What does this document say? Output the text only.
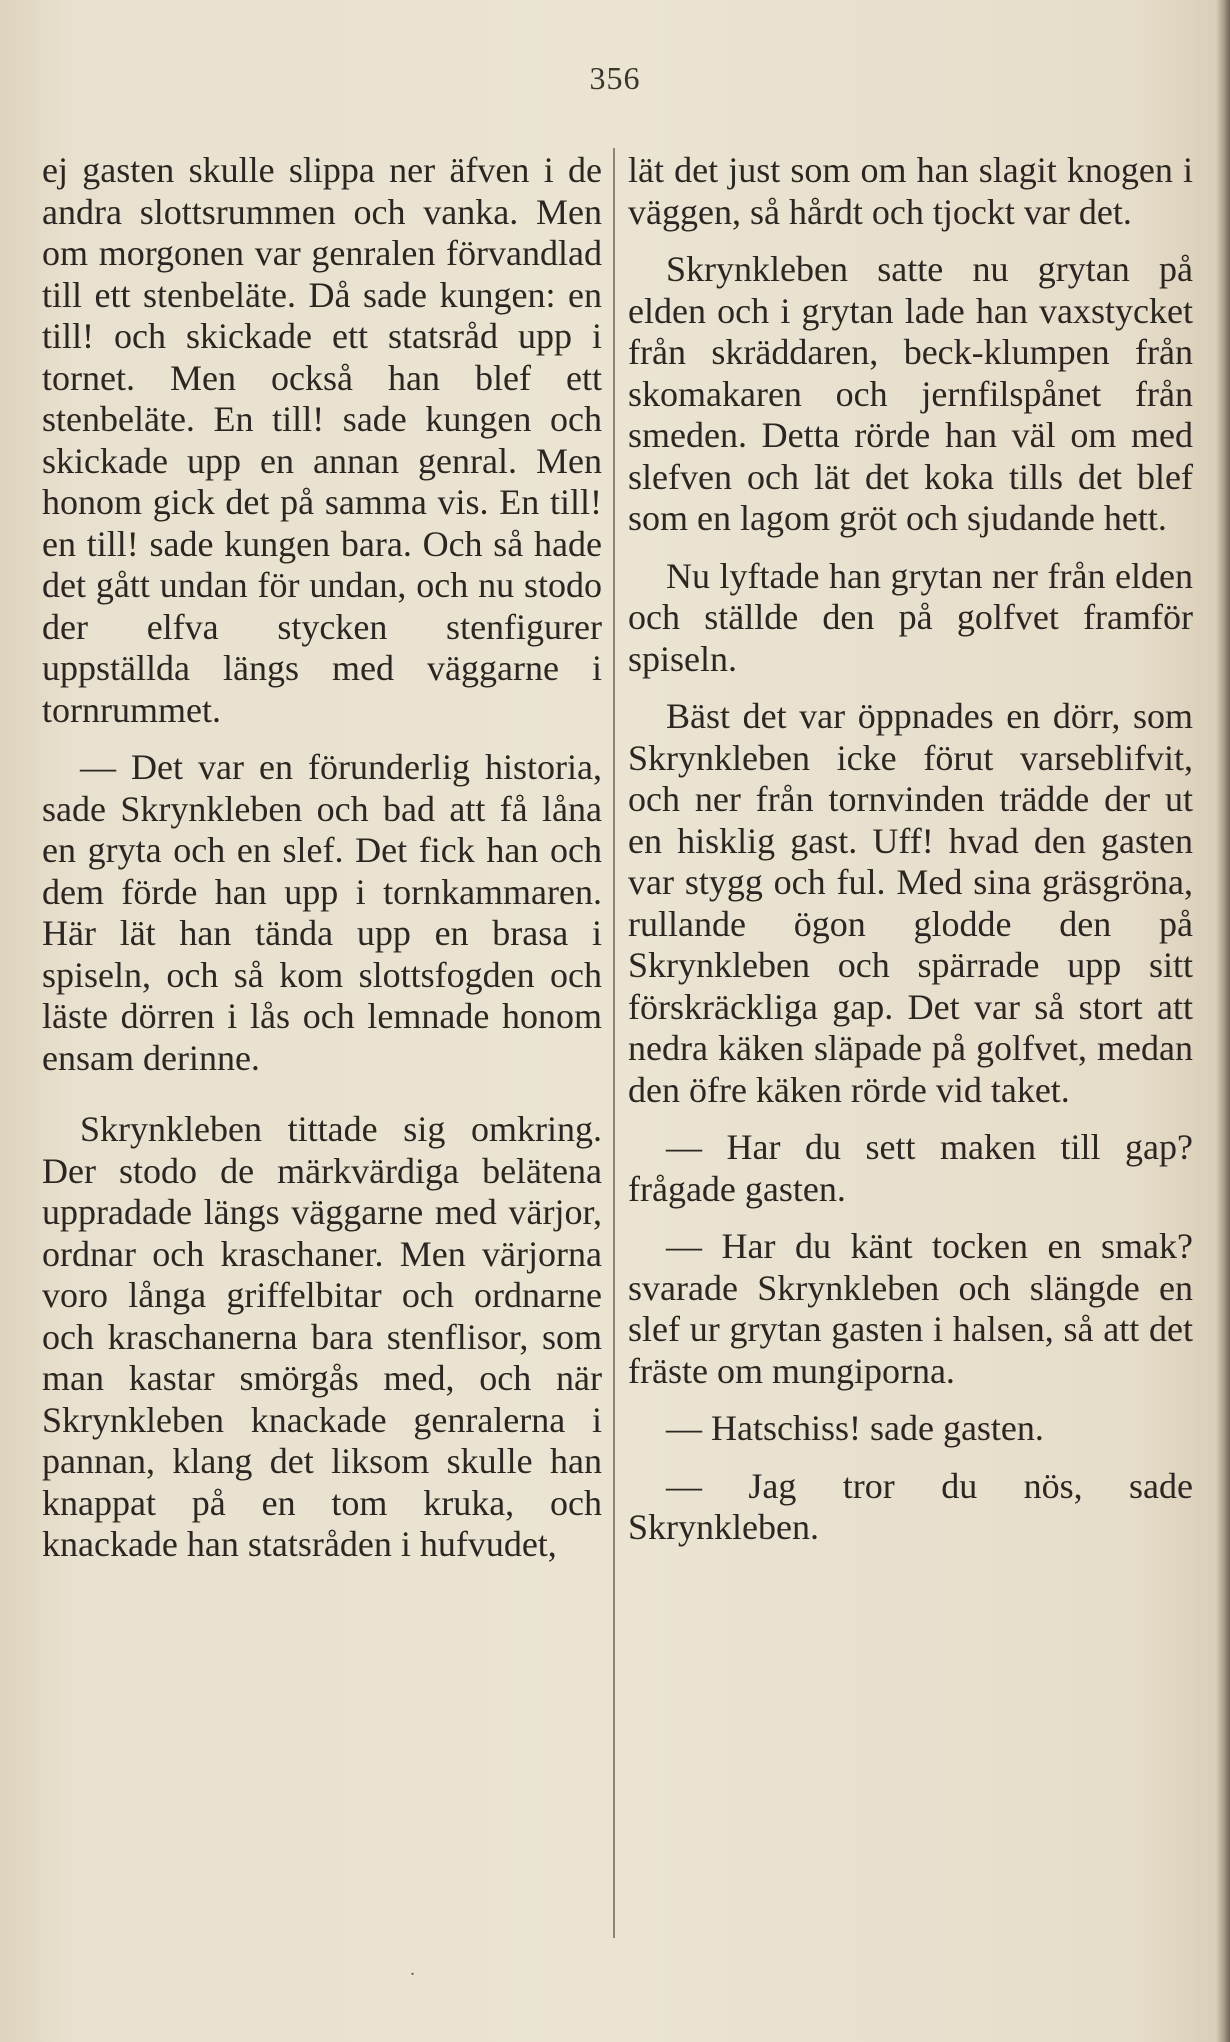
356

ej gasten skulle slippa ner äfven i de andra slottsrummen och vanka. Men om morgonen var genralen förvandlad till ett stenbeläte. Då sade kungen: en till! och skickade ett statsråd upp i tornet. Men också han blef ett stenbeläte. En till! sade kungen och skickade upp en annan genral. Men honom gick det på samma vis. En till! en till! sade kungen bara. Och så hade det gått undan för undan, och nu stodo der elfva stycken stenfigurer uppställda längs med väggarne i tornrummet.

— Det var en förunderlig historia, sade Skrynkleben och bad att få låna en gryta och en slef. Det fick han och dem förde han upp i tornkammaren. Här lät han tända upp en brasa i spiseln, och så kom slottsfogden och läste dörren i lås och lemnade honom ensam derinne.

Skrynkleben tittade sig omkring. Der stodo de märkvärdiga belätena uppradade längs väggarne med värjor, ordnar och kraschaner. Men värjorna voro långa griffelbitar och ordnarne och kraschanerna bara stenflisor, som man kastar smörgås med, och när Skrynkleben knackade genralerna i pannan, klang det liksom skulle han knappat på en tom kruka, och knackade han statsråden i hufvudet,

lät det just som om han slagit knogen i väggen, så hårdt och tjockt var det.

Skrynkleben satte nu grytan på elden och i grytan lade han vaxstycket från skräddaren, beck-klumpen från skomakaren och jernfilspånet från smeden. Detta rörde han väl om med slefven och lät det koka tills det blef som en lagom gröt och sjudande hett.

Nu lyftade han grytan ner från elden och ställde den på golfvet framför spiseln.

Bäst det var öppnades en dörr, som Skrynkleben icke förut varseblifvit, och ner från tornvinden trädde der ut en hisklig gast. Uff! hvad den gasten var stygg och ful. Med sina gräsgröna, rullande ögon glodde den på Skrynkleben och spärrade upp sitt förskräckliga gap. Det var så stort att nedra käken släpade på golfvet, medan den öfre käken rörde vid taket.

— Har du sett maken till gap? frågade gasten.

— Har du känt tocken en smak? svarade Skrynkleben och slängde en slef ur grytan gasten i halsen, så att det fräste om mungiporna.

— Hatschiss! sade gasten.

— Jag tror du nös, sade Skrynkleben.

.
